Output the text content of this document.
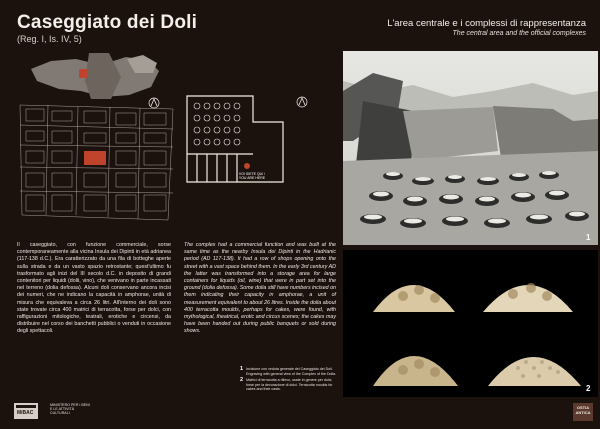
Caseggiato dei Doli
(Reg. I, Is. IV, 5)
VOI SIETE QUI / YOU ARE HERE
Il caseggiato, con funzione commerciale, sorse contemporaneamente alla vicina Insula dei Dipinti in età adrianea (117-138 d.C.). Era caratterizzato da una fila di botteghe aperte sulla strada e da un vasto spazio retrostante; quest'ultimo fu trasformato agli inizi del III secolo d.C. in deposito di grandi contenitori per liquidi (dolii, vino), che venivano in parte incassati nel terreno (dolia defossa). Alcuni doli conservano ancora incisi dei numeri, che ne indicano la capacità in amphorae, unità di misura che equivaleva a circa 26 litri. All'interno dei doli sono state trovate circa 400 matrici di terracotta, forse per dolci, con raffigurazioni mitologiche, teatrali, erotiche e circensi, da distribuire nel corso dei banchetti pubblici o venduti in occasione degli spettacoli.
The complex had a commercial function and was built at the same time as the nearby Insula dei Dipinti in the Hadrianic period (AD 117-138). It had a row of shops opening onto the street with a vast space behind them. In the early 3rd century AD the latter was transformed into a storage area for large containers for liquids (oil, wine) that were in part set into the ground (dolia defossa). Some dolia still have numbers incised on them indicating their capacity in amphorae, a unit of measurement equivalent to about 26 litres. Inside the dolia about 400 terracotta moulds, perhaps for cakes, were found, with mythological, theatrical, erotic and circus scenes; the cakes may have been handed out during public banquets or sold during shows.
1 Incisione con veduta generale del Caseggiato dei Doli. Engraving with general view of the Complex of the Dolia.
2 Matrici di terracotta a rilievo, usate in genere per dolci, forse per la decorazione di dolci. Terracotta moulds for cakes and their casts.
MiBAC
MINISTERO PER I BENI E LE ATTIVITÀ CULTURALI
L'area centrale e i complessi di rappresentanza
The central area and the official complexes
1
2
OSTIA ANTICA
